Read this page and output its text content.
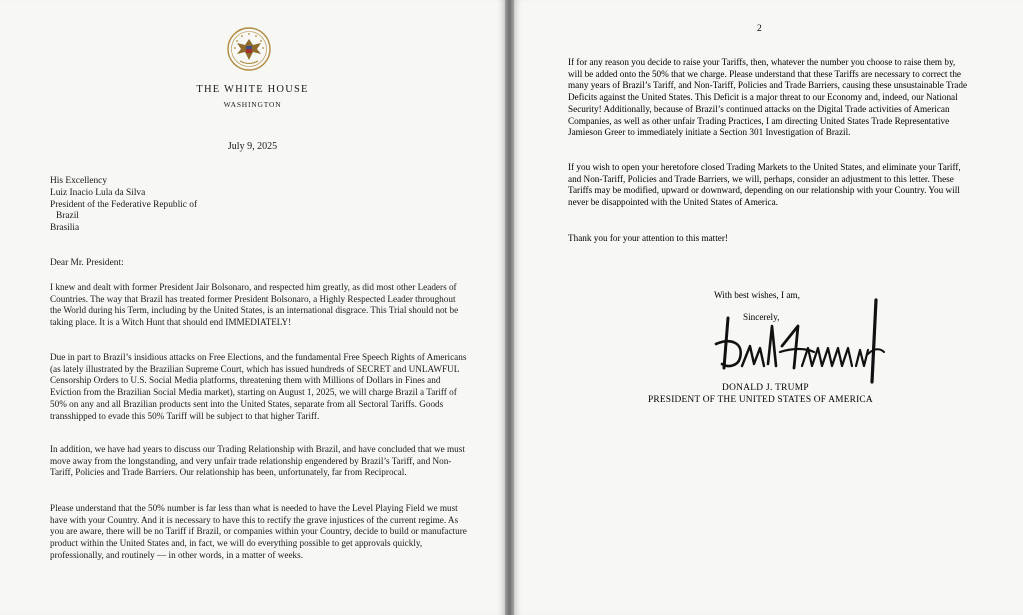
THE WHITE HOUSE
WASHINGTON
July 9, 2025
His Excellency
Luiz Inacio Lula da Silva
President of the Federative Republic of
Brazil
Brasilia
Dear Mr. President:

I knew and dealt with former President Jair Bolsonaro, and respected him greatly, as did most other Leaders of Countries. The way that Brazil has treated former President Bolsonaro, a Highly Respected Leader throughout the World during his Term, including by the United States, is an international disgrace. This Trial should not be taking place. It is a Witch Hunt that should end IMMEDIATELY!

Due in part to Brazil’s insidious attacks on Free Elections, and the fundamental Free Speech Rights of Americans (as lately illustrated by the Brazilian Supreme Court, which has issued hundreds of SECRET and UNLAWFUL Censorship Orders to U.S. Social Media platforms, threatening them with Millions of Dollars in Fines and Eviction from the Brazilian Social Media market), starting on August 1, 2025, we will charge Brazil a Tariff of 50% on any and all Brazilian products sent into the United States, separate from all Sectoral Tariffs. Goods transshipped to evade this 50% Tariff will be subject to that higher Tariff.

In addition, we have had years to discuss our Trading Relationship with Brazil, and have concluded that we must move away from the longstanding, and very unfair trade relationship engendered by Brazil’s Tariff, and Non-Tariff, Policies and Trade Barriers. Our relationship has been, unfortunately, far from Reciprocal.

Please understand that the 50% number is far less than what is needed to have the Level Playing Field we must have with your Country. And it is necessary to have this to rectify the grave injustices of the current regime. As you are aware, there will be no Tariff if Brazil, or companies within your Country, decide to build or manufacture product within the United States and, in fact, we will do everything possible to get approvals quickly, professionally, and routinely — in other words, in a matter of weeks.

2

If for any reason you decide to raise your Tariffs, then, whatever the number you choose to raise them by, will be added onto the 50% that we charge. Please understand that these Tariffs are necessary to correct the many years of Brazil’s Tariff, and Non-Tariff, Policies and Trade Barriers, causing these unsustainable Trade Deficits against the United States. This Deficit is a major threat to our Economy and, indeed, our National Security! Additionally, because of Brazil’s continued attacks on the Digital Trade activities of American Companies, as well as other unfair Trading Practices, I am directing United States Trade Representative Jamieson Greer to immediately initiate a Section 301 Investigation of Brazil.

If you wish to open your heretofore closed Trading Markets to the United States, and eliminate your Tariff, and Non-Tariff, Policies and Trade Barriers, we will, perhaps, consider an adjustment to this letter. These Tariffs may be modified, upward or downward, depending on our relationship with your Country. You will never be disappointed with the United States of America.

Thank you for your attention to this matter!

With best wishes, I am,
Sincerely,
DONALD J. TRUMP
PRESIDENT OF THE UNITED STATES OF AMERICA
